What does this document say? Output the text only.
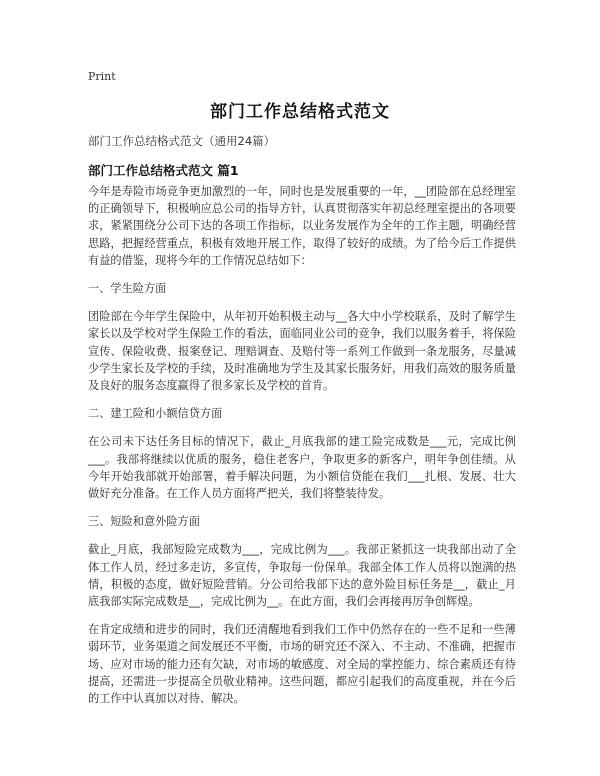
Print
部门工作总结格式范文
部门工作总结格式范文（通用24篇）
部门工作总结格式范文 篇1

今年是寿险市场竞争更加激烈的一年，同时也是发展重要的一年，__团险部在总经理室的正确领导下，积极响应总公司的指导方针，认真贯彻落实年初总经理室提出的各项要求，紧紧围绕分公司下达的各项工作指标，以业务发展作为全年的工作主题，明确经营思路，把握经营重点，积极有效地开展工作，取得了较好的成绩。为了给今后工作提供有益的借鉴，现将今年的工作情况总结如下：

一、学生险方面

团险部在今年学生保险中，从年初开始积极主动与__各大中小学校联系，及时了解学生家长以及学校对学生保险工作的看法，面临同业公司的竞争，我们以服务着手，将保险宣传、保险收费、报案登记、理赔调查、及赔付等一系列工作做到一条龙服务，尽量减少学生家长及学校的手续，及时准确地为学生及其家长服务好，用我们高效的服务质量及良好的服务态度赢得了很多家长及学校的首肯。

二、建工险和小额信贷方面

在公司未下达任务目标的情况下，截止_月底我部的建工险完成数是___元，完成比例___。我部将继续以优质的服务，稳住老客户，争取更多的新客户，明年争创佳绩。从今年开始我部就开始部署，着手解决问题，为小额信贷能在我们___扎根、发展、壮大做好充分准备。在工作人员方面将严把关，我们将整装待发。

三、短险和意外险方面

截止_月底，我部短险完成数为___，完成比例为___。我部正紧抓这一块我部出动了全体工作人员，经过多走访，多宣传，争取每一份保单。我部全体工作人员将以饱满的热情，积极的态度，做好短险营销。分公司给我部下达的意外险目标任务是__，截止_月底我部实际完成数是__，完成比例为__。在此方面，我们会再接再厉争创辉煌。

在肯定成绩和进步的同时，我们还清醒地看到我们工作中仍然存在的一些不足和一些薄弱环节，业务渠道之间发展还不平衡，市场的研究还不深入、不主动、不准确，把握市场、应对市场的能力还有欠缺，对市场的敏感度、对全局的掌控能力、综合素质还有待提高，还需进一步提高全员敬业精神。这些问题，都应引起我们的高度重视，并在今后的工作中认真加以对待、解决。
